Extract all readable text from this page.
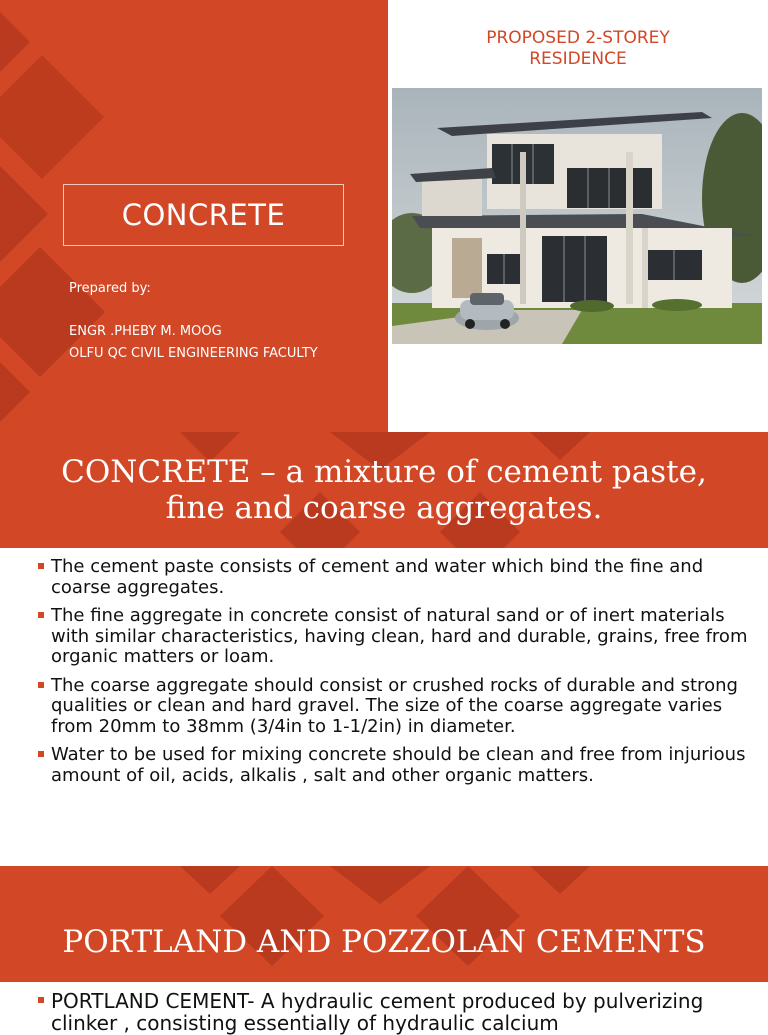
CONCRETE
Prepared by:
ENGR .PHEBY M. MOOG
OLFU QC CIVIL ENGINEERING FACULTY
PROPOSED 2-STOREY
RESIDENCE
CONCRETE – a mixture of cement paste,
fine and coarse aggregates.
The cement paste consists of cement and water which bind the fine and coarse aggregates.
The fine aggregate in concrete consist of natural sand or of inert materials with similar characteristics, having clean, hard and durable, grains, free from organic matters or loam.
The coarse aggregate should consist or crushed rocks of durable and strong qualities or clean and hard gravel. The size of the coarse aggregate varies from 20mm to 38mm (3/4in to 1-1/2in) in diameter.
Water to be used for mixing concrete should be clean and free from injurious amount of oil, acids, alkalis , salt and other organic matters.
PORTLAND AND POZZOLAN CEMENTS
PORTLAND CEMENT- A hydraulic cement produced by pulverizing clinker , consisting essentially of hydraulic calcium
